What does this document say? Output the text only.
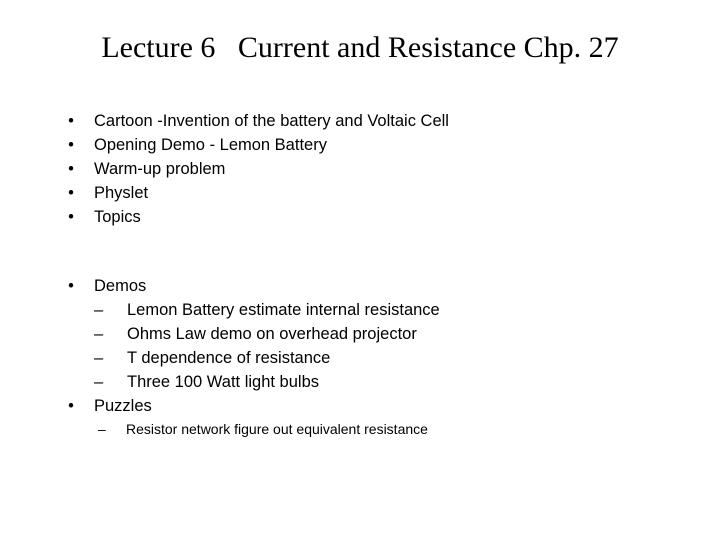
Lecture 6   Current and Resistance Chp. 27
• Cartoon -Invention of the battery and Voltaic Cell
• Opening Demo - Lemon Battery
• Warm-up problem
• Physlet
• Topics
• Demos
– Lemon Battery estimate internal resistance
– Ohms Law demo on overhead projector
– T dependence of resistance
– Three 100 Watt light bulbs
• Puzzles
– Resistor network figure out equivalent resistance
